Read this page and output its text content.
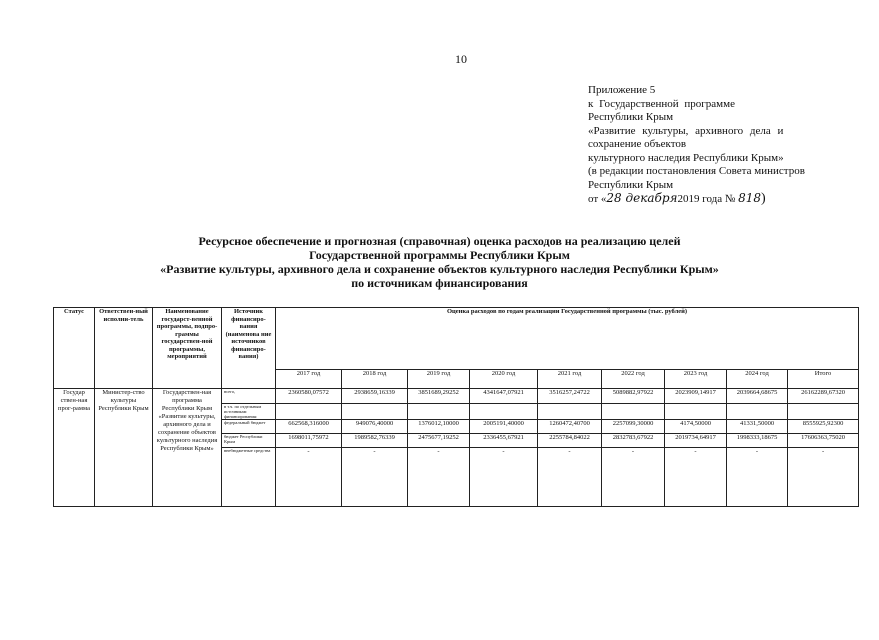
10
Приложение 5
к Государственной программе
Республики Крым
«Развитие культуры, архивного дела и
сохранение объектов
культурного наследия Республики Крым»
(в редакции постановления Совета министров
Республики Крым
от «28 декабря2019 года № 818)
Ресурсное обеспечение и прогнозная (справочная) оценка расходов на реализацию целей
Государственной программы Республики Крым
«Развитие культуры, архивного дела и сохранение объектов культурного наследия Республики Крым»
по источникам финансирования
Статус	Ответствен-ный исполни-тель	Наименование государст-венной программы, подпро-граммы государствен-ной программы, мероприятий	Источник финансиро-вания (наименова ние источников финансиро-вания)	Оценка расходов по годам реализации Государственной программы (тыс. рублей)								
				2017 год	2018 год	2019 год	2020 год	2021 год	2022 год	2023 год	2024 год	Итого
Государ ствен-ная прог-рамма	Министер-ство культуры Республики Крым	Государствен-ная программа Республики Крым «Развитие культуры, архивного дела и сохранение объектов культурного наследия Республики Крым»	всего,	2360580,07572	2938659,16339	3851689,29252	4341647,07921	3516257,24722	5089882,97922	2023909,14917	2039664,68675	26162289,67320
			в т.ч. по отдельным источникам финансирования:									
			федеральный бюджет	662568,316000	949076,40000	1376012,10000	2005191,40000	1260472,40700	2257099,30000	4174,50000	41331,50000	8555925,92300
			бюджет Республики Крым	1698011,75972	1989582,76339	2475677,19252	2336455,67921	2255784,84022	2832783,67922	2019734,64917	1998333,18675	17606363,75020
			внебюджетные средства	-	-	-	-	-	-	-	-	-
